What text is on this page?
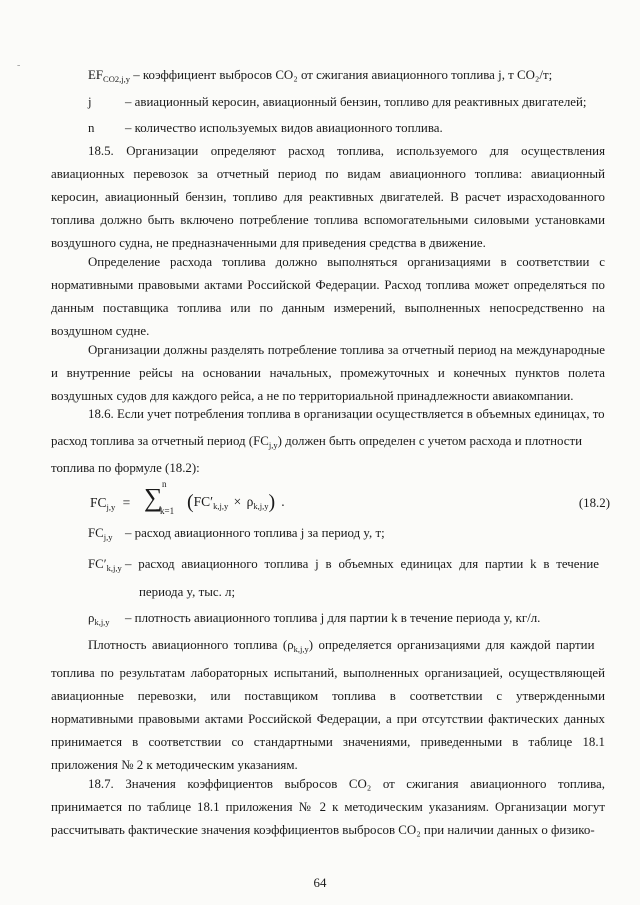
-
$EF_{CO2,j,y}$ – коэффициент выбросов CO₂ от сжигания авиационного топлива j, т CO₂/т;
j	– авиационный керосин, авиационный бензин, топливо для реактивных двигателей;
n – количество используемых видов авиационного топлива.

18.5. Организации определяют расход топлива, используемого для осуществления авиационных перевозок за отчетный период по видам авиационного топлива: авиационный керосин, авиационный бензин, топливо для реактивных двигателей. В расчет израсходованного топлива должно быть включено потребление топлива вспомогательными силовыми установками воздушного судна, не предназначенными для приведения средства в движение.

Определение расхода топлива должно выполняться организациями в соответствии с нормативными правовыми актами Российской Федерации. Расход топлива может определяться по данным поставщика топлива или по данным измерений, выполненных непосредственно на воздушном судне.

Организации должны разделять потребление топлива за отчетный период на международные и внутренние рейсы на основании начальных, промежуточных и конечных пунктов полета воздушных судов для каждого рейса, а не по территориальной принадлежности авиакомпании.

18.6. Если учет потребления топлива в организации осуществляется в объемных единицах, то
расход топлива за отчетный период $(FC_{j,y})$ должен быть определен с учетом расхода и плотности
топлива по формуле (18.2):
$FC_{j,y}$ = ∑ n
k=1 $(FC'_{k,j,y} \times \rho_{k,j,y})$ .	(18.2)
$FC_{j,y}$ – расход авиационного топлива j за период y, т;
$FC'_{k,j,y}$ – расход авиационного топлива j в объемных единицах для партии k в течение
периода y, тыс. л;
$\rho_{k,j,y}$ – плотность авиационного топлива j для партии k в течение периода y, кг/л.
Плотность авиационного топлива $(\rho_{k,j,y})$ определяется организациями для каждой партии

топлива по результатам лабораторных испытаний, выполненных организацией, осуществляющей авиационные перевозки, или поставщиком топлива в соответствии с утвержденными нормативными правовыми актами Российской Федерации, а при отсутствии фактических данных принимается в соответствии со стандартными значениями, приведенными в таблице 18.1 приложения № 2 к методическим указаниям.

18.7. Значения коэффициентов выбросов CO₂ от сжигания авиационного топлива, принимается по таблице 18.1 приложения № 2 к методическим указаниям. Организации могут рассчитывать фактические значения коэффициентов выбросов CO₂ при наличии данных о физико-

64
